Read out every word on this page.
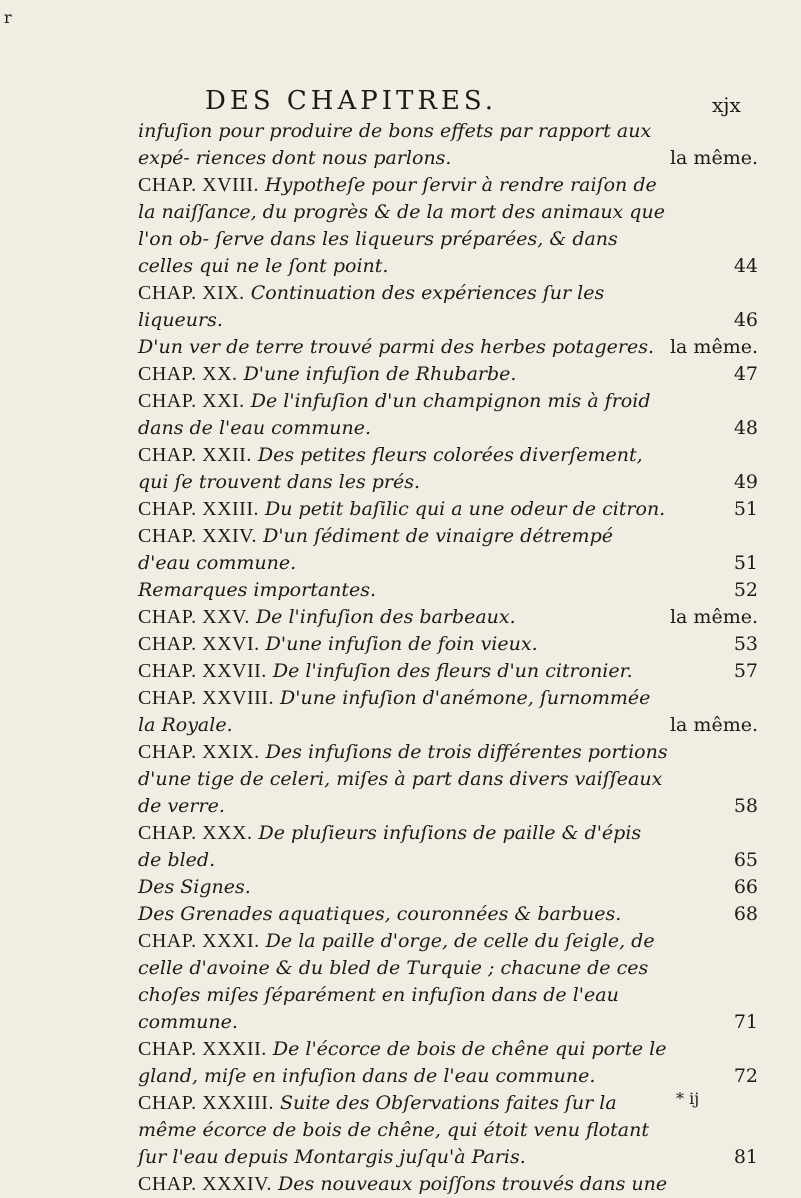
r
DES CHAPITRES.	xjx
infuſion pour produire de bons effets par rapport aux expé- riences dont nous parlons.	la même.
CHAP. XVIII. Hypotheſe pour ſervir à rendre raiſon de la naiſſance, du progrès & de la mort des animaux que l'on ob- ſerve dans les liqueurs préparées, & dans celles qui ne le ſont point.	44
CHAP. XIX. Continuation des expériences ſur les liqueurs.	46
D'un ver de terre trouvé parmi des herbes potageres. la même.
CHAP. XX. D'une infuſion de Rhubarbe.	47
CHAP. XXI. De l'infuſion d'un champignon mis à froid dans de l'eau commune.	48
CHAP. XXII. Des petites fleurs colorées diverſement, qui ſe trouvent dans les prés.	49
CHAP. XXIII. Du petit baſilic qui a une odeur de citron.	51
CHAP. XXIV. D'un ſédiment de vinaigre détrempé d'eau commune.	51
Remarques importantes.	52
CHAP. XXV. De l'infuſion des barbeaux.	la même.
CHAP. XXVI. D'une infuſion de foin vieux.	53
CHAP. XXVII. De l'infuſion des fleurs d'un citronier.	57
CHAP. XXVIII. D'une infuſion d'anémone, ſurnommée la Royale.	la même.
CHAP. XXIX. Des infuſions de trois différentes portions d'une tige de celeri, miſes à part dans divers vaiſſeaux de verre.	58
CHAP. XXX. De pluſieurs infuſions de paille & d'épis de bled.	65
Des Signes.	66
Des Grenades aquatiques, couronnées & barbues.	68
CHAP. XXXI. De la paille d'orge, de celle du ſeigle, de celle d'avoine & du bled de Turquie ; chacune de ces choſes miſes ſéparément en infuſion dans de l'eau commune.	71
CHAP. XXXII. De l'écorce de bois de chêne qui porte le gland, miſe en infuſion dans de l'eau commune.	72
CHAP. XXXIII. Suite des Obſervations faites ſur la même écorce de bois de chêne, qui étoit venu flotant ſur l'eau depuis Montargis juſqu'à Paris.	81
CHAP. XXXIV. Des nouveaux poiſſons trouvés dans une
* ij
